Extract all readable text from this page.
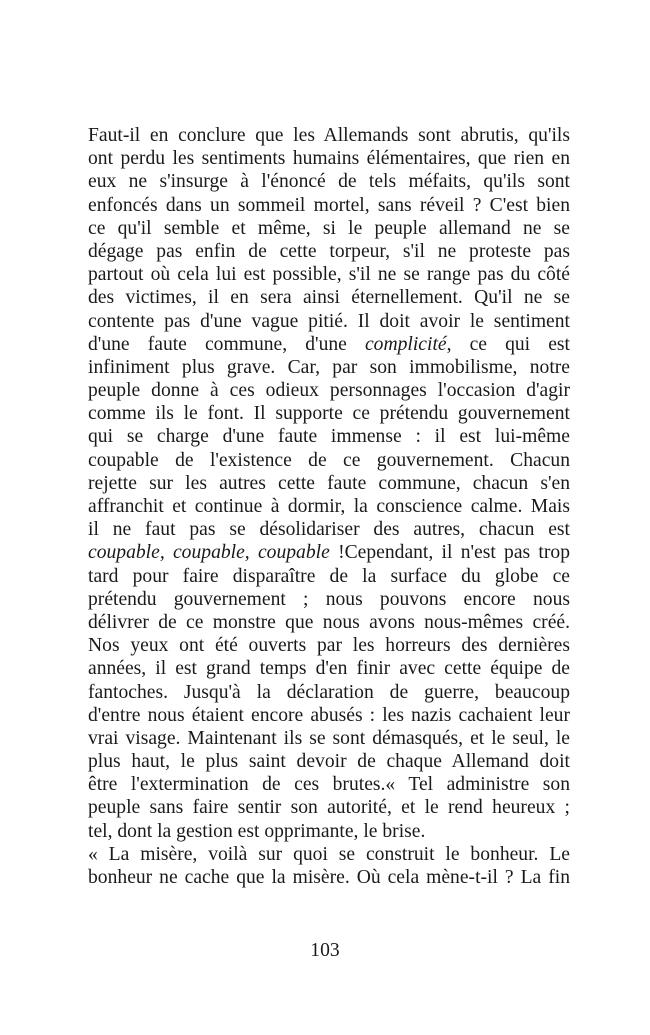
Faut-il en conclure que les Allemands sont abrutis, qu'ils
ont perdu les sentiments humains élémentaires, que rien en
eux ne s'insurge à l'énoncé de tels méfaits, qu'ils sont
enfoncés dans un sommeil mortel, sans réveil ? C'est bien
ce qu'il semble et même, si le peuple allemand ne se
dégage pas enfin de cette torpeur, s'il ne proteste pas
partout où cela lui est possible, s'il ne se range pas du côté
des victimes, il en sera ainsi éternellement. Qu'il ne se
contente pas d'une vague pitié. Il doit avoir le sentiment
d'une faute commune, d'une complicité, ce qui est
infiniment plus grave. Car, par son immobilisme, notre
peuple donne à ces odieux personnages l'occasion d'agir
comme ils le font. Il supporte ce prétendu gouvernement
qui se charge d'une faute immense : il est lui-même
coupable de l'existence de ce gouvernement. Chacun
rejette sur les autres cette faute commune, chacun s'en
affranchit et continue à dormir, la conscience calme. Mais
il ne faut pas se désolidariser des autres, chacun est
coupable, coupable, coupable !Cependant, il n'est pas trop
tard pour faire disparaître de la surface du globe ce
prétendu gouvernement ; nous pouvons encore nous
délivrer de ce monstre que nous avons nous-mêmes créé.
Nos yeux ont été ouverts par les horreurs des dernières
années, il est grand temps d'en finir avec cette équipe de
fantoches. Jusqu'à la déclaration de guerre, beaucoup
d'entre nous étaient encore abusés : les nazis cachaient leur
vrai visage. Maintenant ils se sont démasqués, et le seul, le
plus haut, le plus saint devoir de chaque Allemand doit
être l'extermination de ces brutes.« Tel administre son
peuple sans faire sentir son autorité, et le rend heureux ;
tel, dont la gestion est opprimante, le brise.
« La misère, voilà sur quoi se construit le bonheur. Le
bonheur ne cache que la misère. Où cela mène-t-il ? La fin
103
